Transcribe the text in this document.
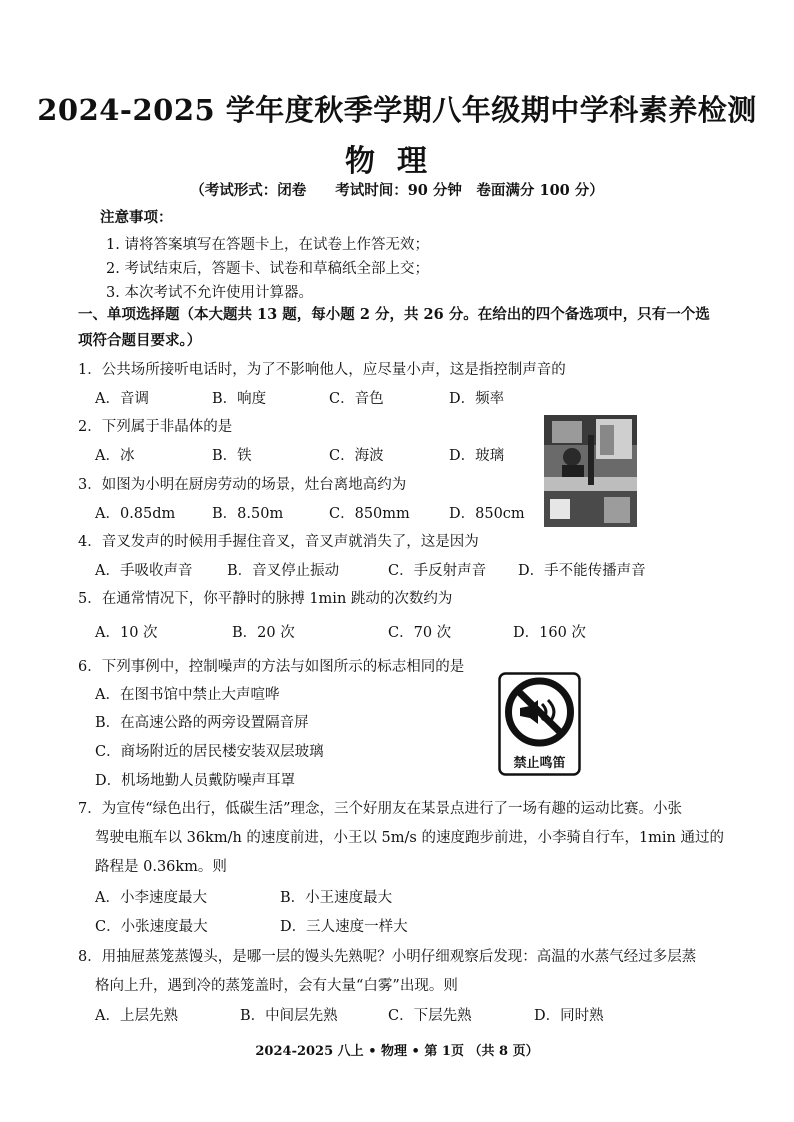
2024-2025 学年度秋季学期八年级期中学科素养检测
物理
（考试形式：闭卷　　考试时间：90 分钟　卷面满分 100 分）
注意事项：
1. 请将答案填写在答题卡上，在试卷上作答无效；
2. 考试结束后，答题卡、试卷和草稿纸全部上交；
3. 本次考试不允许使用计算器。
一、单项选择题（本大题共 13 题，每小题 2 分，共 26 分。在给出的四个备选项中，只有一个选项符合题目要求。）
1．公共场所接听电话时，为了不影响他人，应尽量小声，这是指控制声音的
A．音调	B．响度	C．音色	D．频率
2．下列属于非晶体的是
A．冰	B．铁	C．海波	D．玻璃
3．如图为小明在厨房劳动的场景，灶台离地高约为
A．0.85dm	B．8.50m	C．850mm	D．850cm
4．音叉发声的时候用手握住音叉，音叉声就消失了，这是因为
A．手吸收声音 B．音叉停止振动	C．手反射声音 D．手不能传播声音
5．在通常情况下，你平静时的脉搏 1min 跳动的次数约为
A．10 次	B．20 次	C．70 次	D．160 次
6．下列事例中，控制噪声的方法与如图所示的标志相同的是
A．在图书馆中禁止大声喧哗
B．在高速公路的两旁设置隔音屏
C．商场附近的居民楼安装双层玻璃
D．机场地勤人员戴防噪声耳罩
禁止鸣笛
7．为宣传“绿色出行，低碳生活”理念，三个好朋友在某景点进行了一场有趣的运动比赛。小张
驾驶电瓶车以 36km/h 的速度前进，小王以 5m/s 的速度跑步前进，小李骑自行车，1min 通过的
路程是 0.36km。则
A．小李速度最大	B．小王速度最大
C．小张速度最大	D．三人速度一样大
8．用抽屉蒸笼蒸馒头，是哪一层的馒头先熟呢？小明仔细观察后发现：高温的水蒸气经过多层蒸
格向上升，遇到冷的蒸笼盖时，会有大量“白雾”出现。则
A．上层先熟	B．中间层先熟	C．下层先熟	D．同时熟
2024-2025 八上 • 物理 • 第 1页 （共 8 页）
